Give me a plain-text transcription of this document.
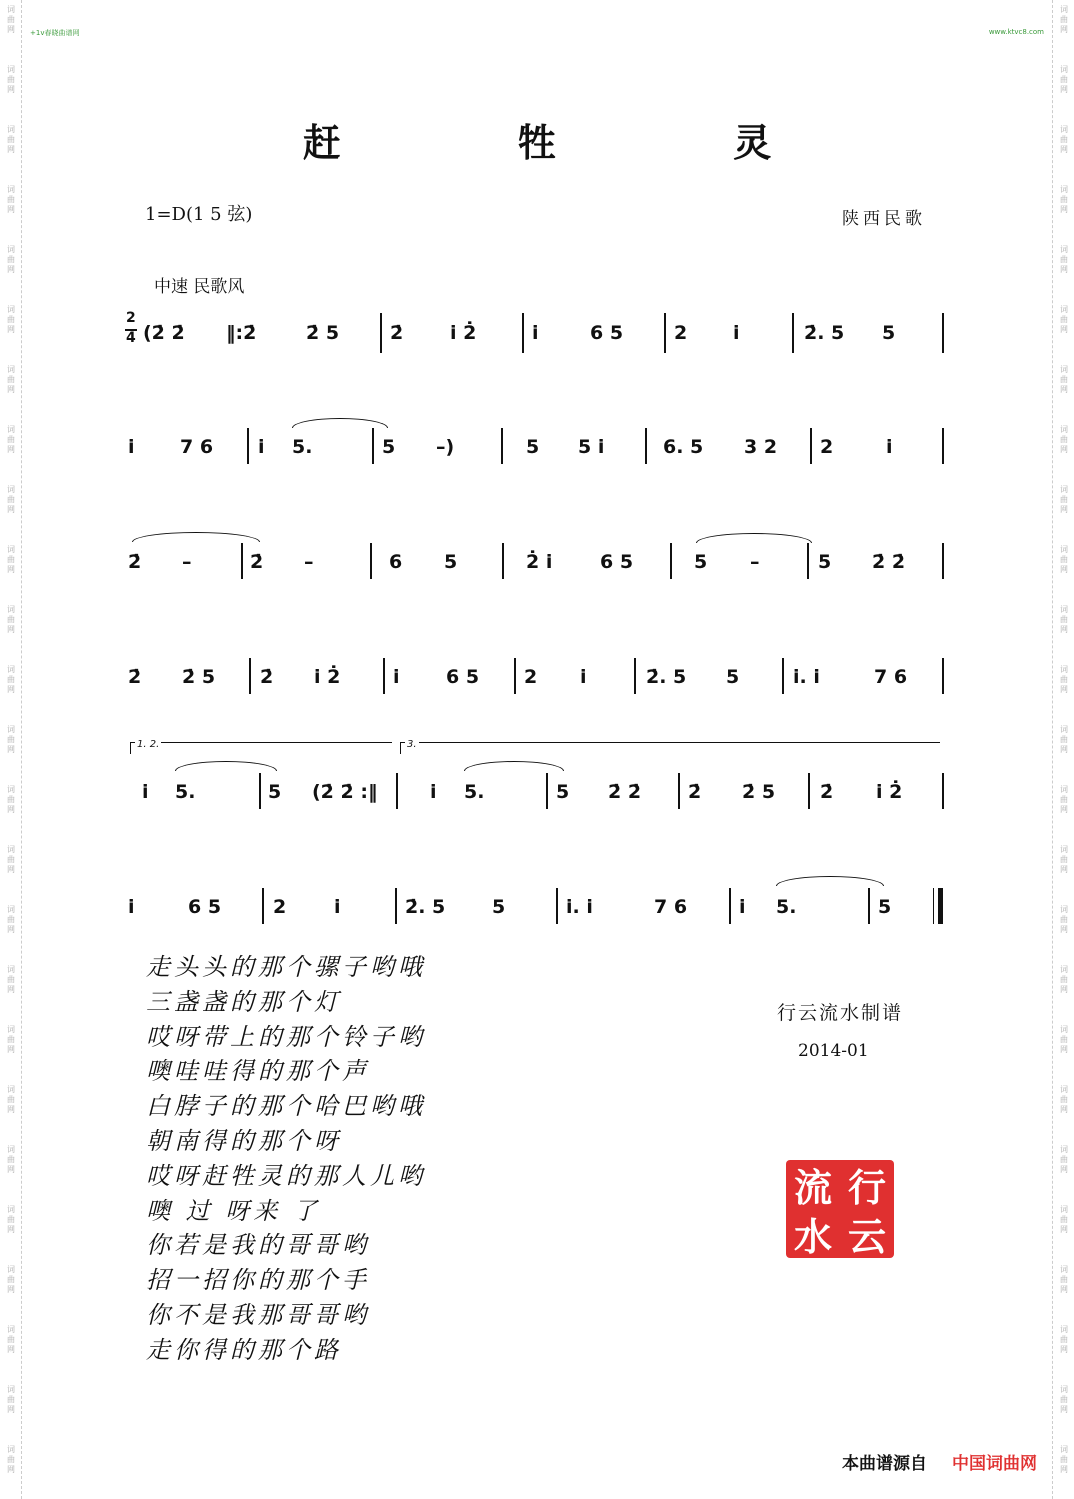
词
曲
网
词
曲
网
词
曲
网
词
曲
网
词
曲
网
词
曲
网
词
曲
网
词
曲
网
词
曲
网
词
曲
网
词
曲
网
词
曲
网
词
曲
网
词
曲
网
词
曲
网
词
曲
网
词
曲
网
词
曲
网
词
曲
网
词
曲
网
词
曲
网
词
曲
网
词
曲
网
词
曲
网
词
曲
网
词
曲
网
词
曲
网
词
曲
网
词
曲
网
词
曲
网
词
曲
网
词
曲
网
词
曲
网
词
曲
网
词
曲
网
词
曲
网
词
曲
网
词
曲
网
词
曲
网
词
曲
网
词
曲
网
词
曲
网
词
曲
网
词
曲
网
词
曲
网
词
曲
网
词
曲
网
词
曲
网
词
曲
网
词
曲
网
+1v春晓曲谱网	www.ktvc8.com
赶 牲 灵
1=D(1 5 弦)	陕西民歌
中速 民歌风
2
4 (2̇ 2̇ ‖:2̇	2̇ 5	2̇ i 2̇	i	6 5	2 i	2̇. 5 5
i 7 6 i 5.	5 –)	5 5 i	6. 5 3 2 2	i
2̇ –	2̇ –	6 5	2̇ i	6 5	5 –	5 2̇ 2̇
2̇ 2̇ 5 2̇ i 2̇	i 6 5 2 i	2̇. 5 5	i. i	7 6
1. 2.	3.
i 5.	5 (2̇ 2̇ :‖	i 5.	5 2̇ 2̇ 2̇ 2̇ 5 2̇ i 2̇
i	6 5	2	i	2̇. 5 5	i. i	7 6	i 5.	5
走头头的那个骡子哟哦
三盏盏的那个灯
哎呀带上的那个铃子哟
噢哇哇得的那个声
白脖子的那个哈巴哟哦
朝南得的那个呀
哎呀赶牲灵的那人儿哟
噢 过 呀来 了
你若是我的哥哥哟
招一招你的那个手
你不是我那哥哥哟
走你得的那个路
行云流水制谱
2014-01
行
云
流
水
本曲谱源自 中国词曲网
